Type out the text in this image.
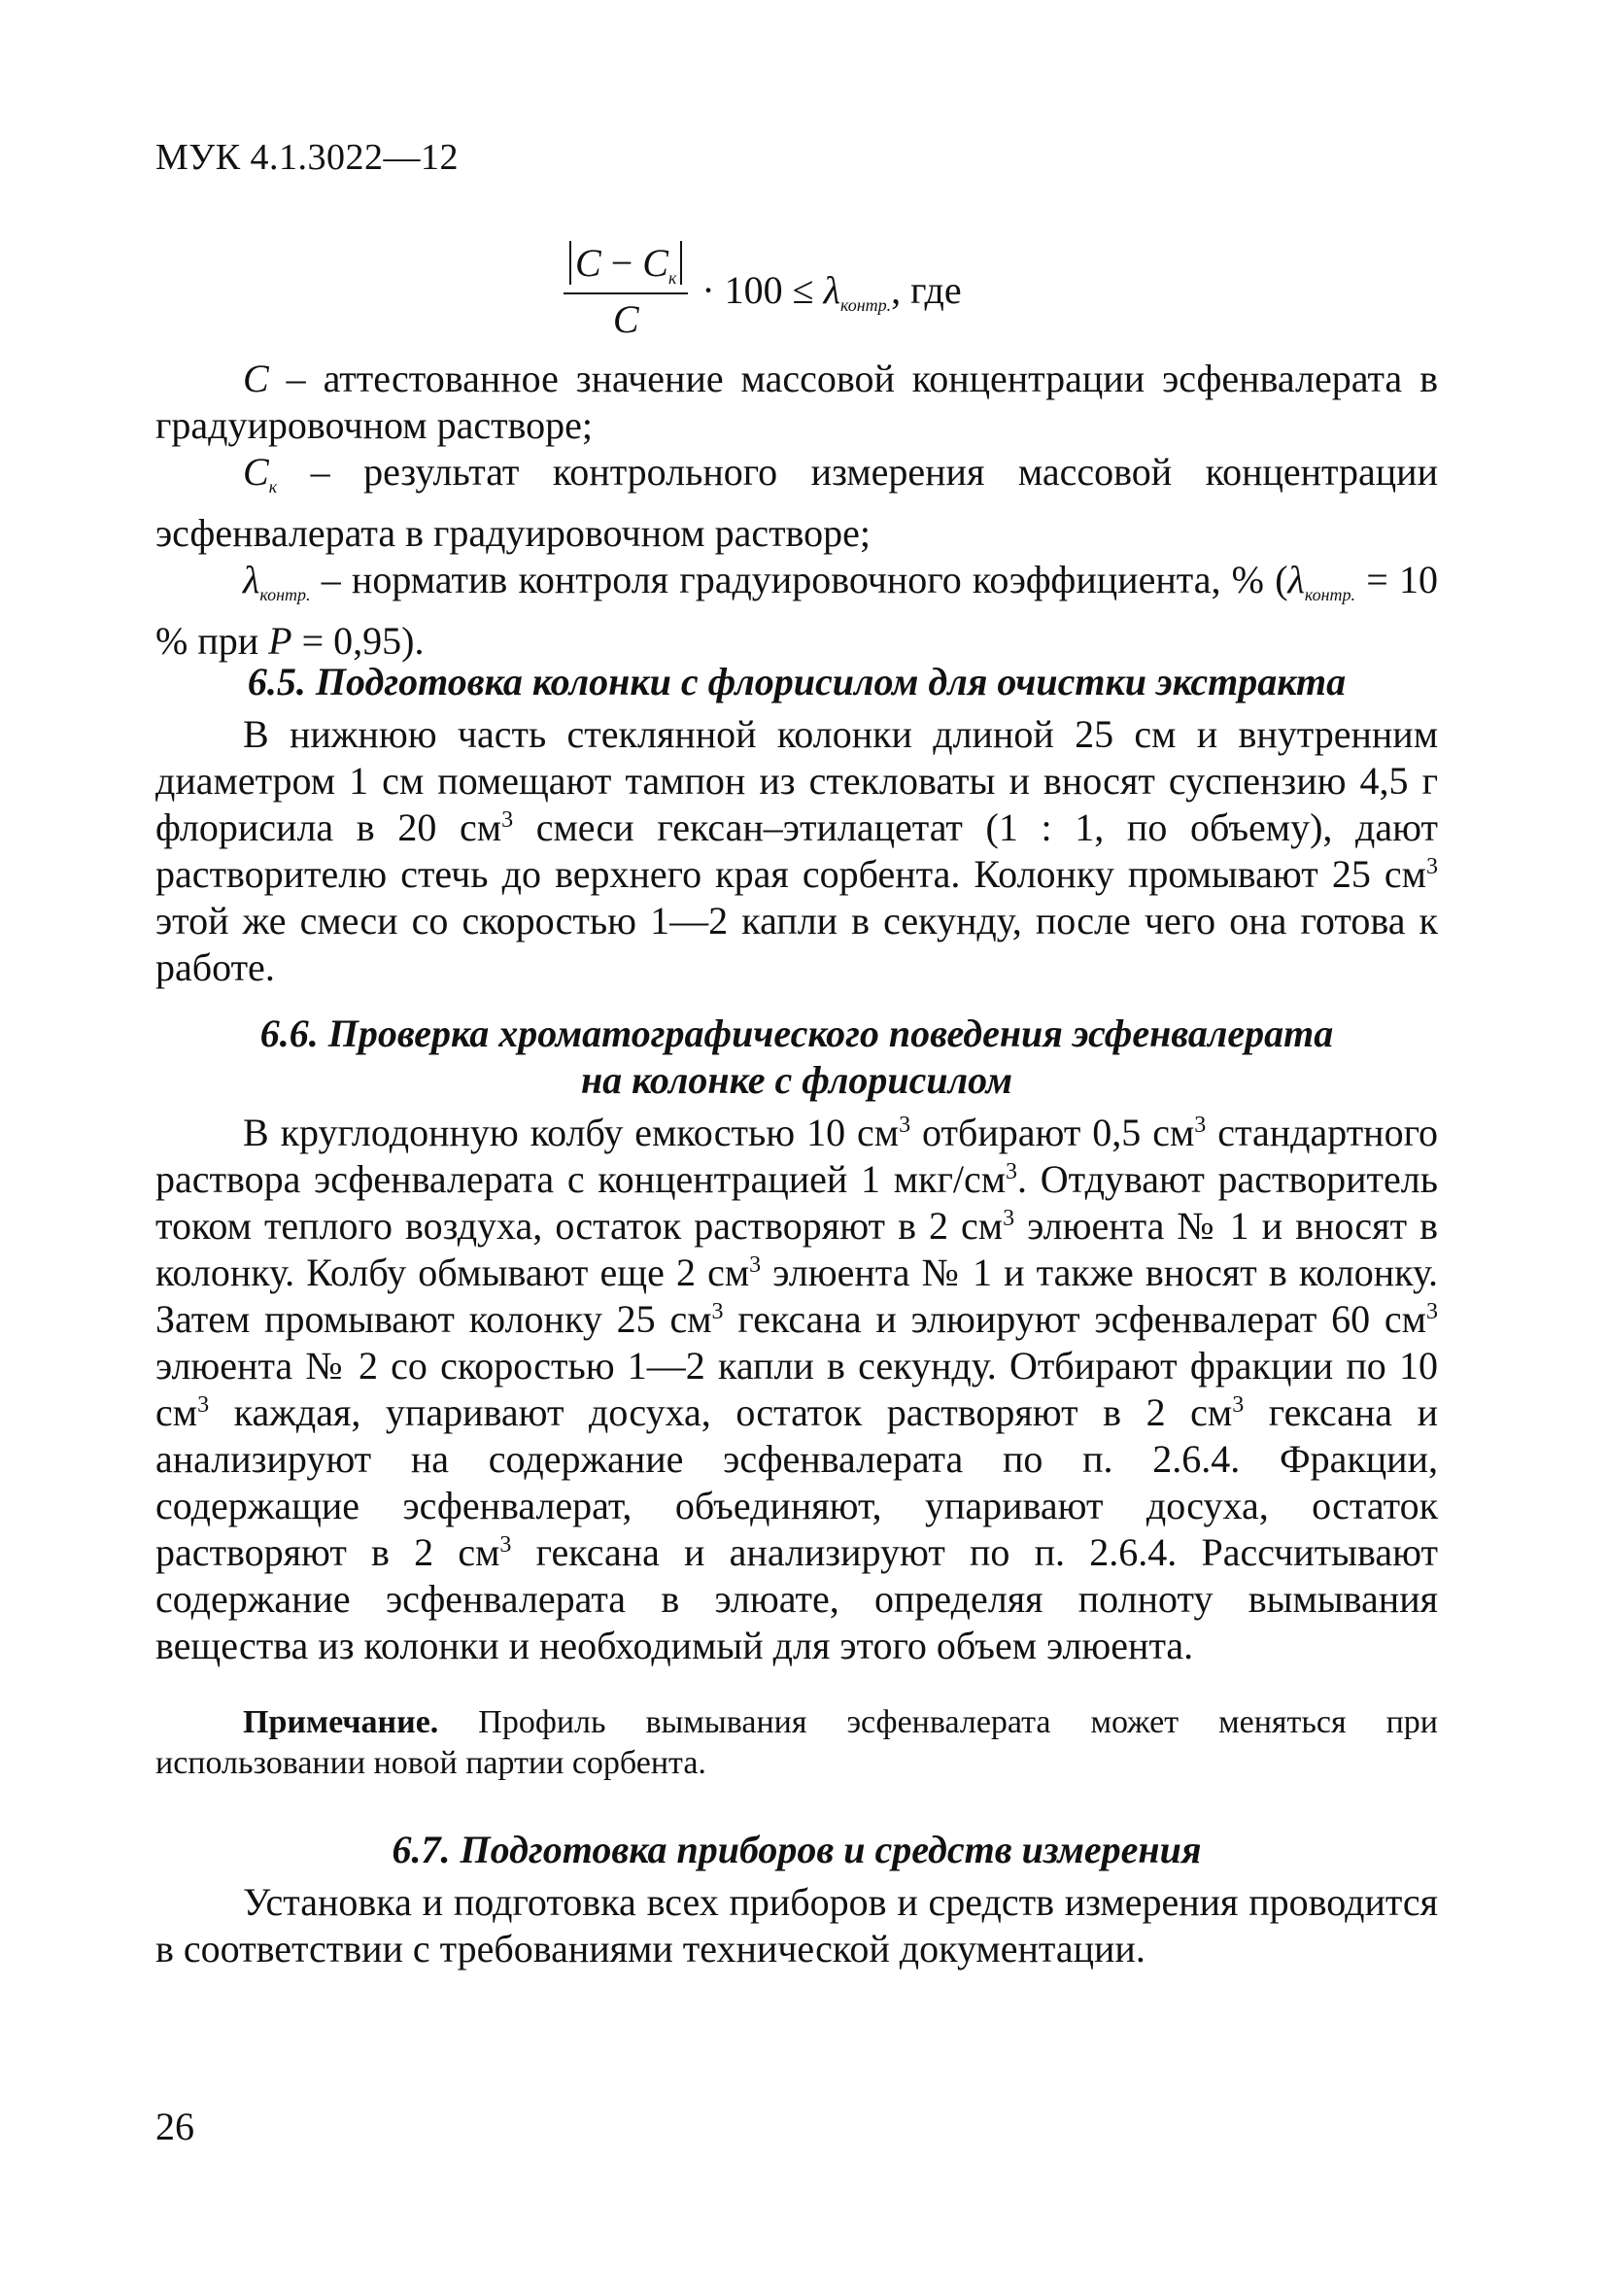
МУК 4.1.3022—12
$\frac{C - C_к}{C} \cdot 100 \le \lambda_{контр.}$, где

C – аттестованное значение массовой концентрации эсфенвалерата в градуировочном растворе;

$C_к$ – результат контрольного измерения массовой концентрации эсфенвалерата в градуировочном растворе;

$\lambda_{контр.}$ – норматив контроля градуировочного коэффициента, % ($\lambda_{контр.} = 10$ % при P = 0,95).

6.5. Подготовка колонки с флорисилом для очистки экстракта

В нижнюю часть стеклянной колонки длиной 25 см и внутренним диаметром 1 см помещают тампон из стекловаты и вносят суспензию 4,5 г флорисила в 20 $см^3$ смеси гексан–этилацетат (1 : 1, по объему), дают растворителю стечь до верхнего края сорбента. Колонку промывают 25 $см^3$ этой же смеси со скоростью 1—2 капли в секунду, после чего она готова к работе.

6.6. Проверка хроматографического поведения эсфенвалерата
на колонке с флорисилом

В круглодонную колбу емкостью 10 $см^3$ отбирают 0,5 $см^3$ стандартного раствора эсфенвалерата с концентрацией 1 мкг/$см^3$. Отдувают растворитель током теплого воздуха, остаток растворяют в 2 $см^3$ элюента № 1 и вносят в колонку. Колбу обмывают еще 2 $см^3$ элюента № 1 и также вносят в колонку. Затем промывают колонку 25 $см^3$ гексана и элюируют эсфенвалерат 60 $см^3$ элюента № 2 со скоростью 1—2 капли в секунду. Отбирают фракции по 10 $см^3$ каждая, упаривают досуха, остаток растворяют в 2 $см^3$ гексана и анализируют на содержание эсфенвалерата по п. 2.6.4. Фракции, содержащие эсфенвалерат, объединяют, упаривают досуха, остаток растворяют в 2 $см^3$ гексана и анализируют по п. 2.6.4. Рассчитывают содержание эсфенвалерата в элюате, определяя полноту вымывания вещества из колонки и необходимый для этого объем элюента.

Примечание. Профиль вымывания эсфенвалерата может меняться при использовании новой партии сорбента.
6.7. Подготовка приборов и средств измерения

Установка и подготовка всех приборов и средств измерения проводится в соответствии с требованиями технической документации.

26
